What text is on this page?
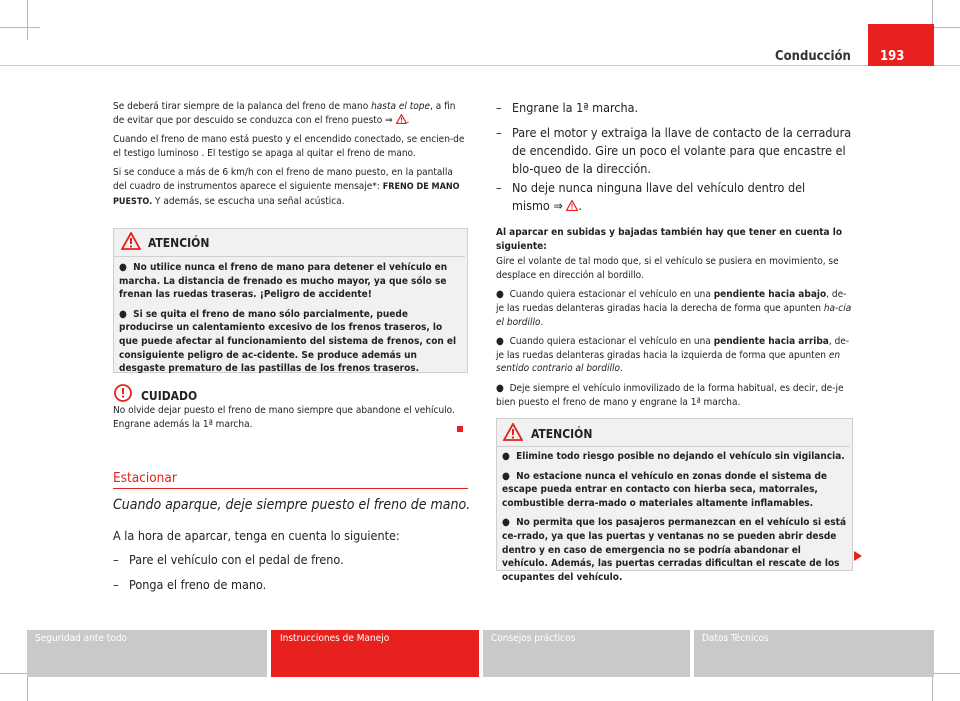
Conducción 193

Se deberá tirar siempre de la palanca del freno de mano hasta el tope, a fin de evitar que por descuido se conduzca con el freno puesto ⇒ .

Cuando el freno de mano está puesto y el encendido conectado, se encien-de el testigo luminoso . El testigo se apaga al quitar el freno de mano.

Si se conduce a más de 6 km/h con el freno de mano puesto, en la pantalla del cuadro de instrumentos aparece el siguiente mensaje*: FRENO DE MANO PUESTO. Y además, se escucha una señal acústica.

ATENCIÓN

●  No utilice nunca el freno de mano para detener el vehículo en marcha. La distancia de frenado es mucho mayor, ya que sólo se frenan las ruedas traseras. ¡Peligro de accidente!

●  Si se quita el freno de mano sólo parcialmente, puede producirse un calentamiento excesivo de los frenos traseros, lo que puede afectar al funcionamiento del sistema de frenos, con el consiguiente peligro de ac-cidente. Se produce además un desgaste prematuro de las pastillas de los frenos traseros.

CUIDADO
No olvide dejar puesto el freno de mano siempre que abandone el vehículo. Engrane además la 1ª marcha.
Estacionar
Cuando aparque, deje siempre puesto el freno de mano.
A la hora de aparcar, tenga en cuenta lo siguiente:
– Pare el vehículo con el pedal de freno.
– Ponga el freno de mano.
– Engrane la 1ª marcha.
– Pare el motor y extraiga la llave de contacto de la cerradura de encendido. Gire un poco el volante para que encastre el blo-queo de la dirección.
– No deje nunca ninguna llave del vehículo dentro del mismo ⇒ .

Al aparcar en subidas y bajadas también hay que tener en cuenta lo siguiente:

Gire el volante de tal modo que, si el vehículo se pusiera en movimiento, se desplace en dirección al bordillo.

●  Cuando quiera estacionar el vehículo en una pendiente hacia abajo, de-je las ruedas delanteras giradas hacia la derecha de forma que apunten ha-cia el bordillo.

●  Cuando quiera estacionar el vehículo en una pendiente hacia arriba, de-je las ruedas delanteras giradas hacia la izquierda de forma que apunten en sentido contrario al bordillo.

●  Deje siempre el vehículo inmovilizado de la forma habitual, es decir, de-je bien puesto el freno de mano y engrane la 1ª marcha.

ATENCIÓN

●  Elimine todo riesgo posible no dejando el vehículo sin vigilancia.

●  No estacione nunca el vehículo en zonas donde el sistema de escape pueda entrar en contacto con hierba seca, matorrales, combustible derra-mado o materiales altamente inflamables.

●  No permita que los pasajeros permanezcan en el vehículo si está ce-rrado, ya que las puertas y ventanas no se pueden abrir desde dentro y en caso de emergencia no se podría abandonar el vehículo. Además, las puertas cerradas dificultan el rescate de los ocupantes del vehículo.

Seguridad ante todo	Instrucciones de Manejo	Consejos prácticos	Datos Técnicos
